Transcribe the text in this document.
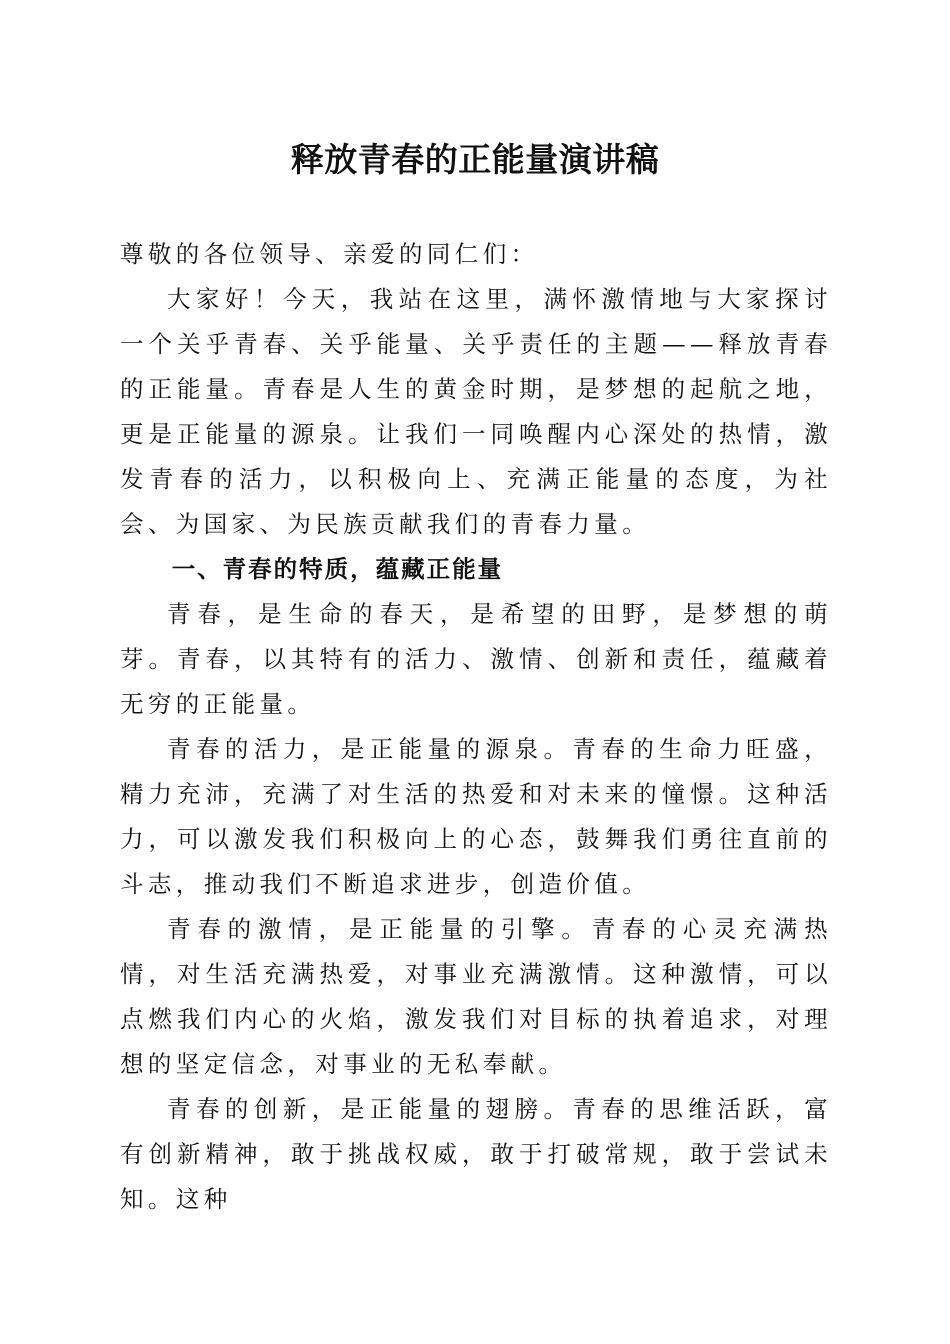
释放青春的正能量演讲稿

尊敬的各位领导、亲爱的同仁们：

大家好！今天，我站在这里，满怀激情地与大家探讨一个关乎青春、关乎能量、关乎责任的主题——释放青春的正能量。青春是人生的黄金时期，是梦想的起航之地，更是正能量的源泉。让我们一同唤醒内心深处的热情，激发青春的活力，以积极向上、充满正能量的态度，为社会、为国家、为民族贡献我们的青春力量。

一、青春的特质，蕴藏正能量

青春，是生命的春天，是希望的田野，是梦想的萌芽。青春，以其特有的活力、激情、创新和责任，蕴藏着无穷的正能量。

青春的活力，是正能量的源泉。青春的生命力旺盛，精力充沛，充满了对生活的热爱和对未来的憧憬。这种活力，可以激发我们积极向上的心态，鼓舞我们勇往直前的斗志，推动我们不断追求进步，创造价值。

青春的激情，是正能量的引擎。青春的心灵充满热情，对生活充满热爱，对事业充满激情。这种激情，可以点燃我们内心的火焰，激发我们对目标的执着追求，对理想的坚定信念，对事业的无私奉献。

青春的创新，是正能量的翅膀。青春的思维活跃，富有创新精神，敢于挑战权威，敢于打破常规，敢于尝试未知。这种
